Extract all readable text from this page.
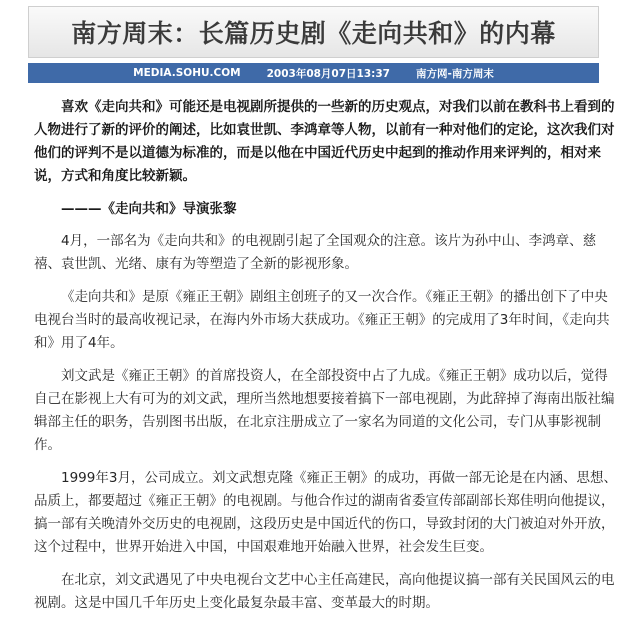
南方周末：长篇历史剧《走向共和》的内幕
MEDIA.SOHU.COM 2003年08月07日13:37 南方网-南方周末

喜欢《走向共和》可能还是电视剧所提供的一些新的历史观点，对我们以前在教科书上看到的人物进行了新的评价的阐述，比如袁世凯、李鸿章等人物，以前有一种对他们的定论，这次我们对他们的评判不是以道德为标准的，而是以他在中国近代历史中起到的推动作用来评判的，相对来说，方式和角度比较新颖。

———《走向共和》导演张黎

4月，一部名为《走向共和》的电视剧引起了全国观众的注意。该片为孙中山、李鸿章、慈禧、袁世凯、光绪、康有为等塑造了全新的影视形象。

《走向共和》是原《雍正王朝》剧组主创班子的又一次合作。《雍正王朝》的播出创下了中央电视台当时的最高收视记录，在海内外市场大获成功。《雍正王朝》的完成用了3年时间，《走向共和》用了4年。

刘文武是《雍正王朝》的首席投资人，在全部投资中占了九成。《雍正王朝》成功以后，觉得自己在影视上大有可为的刘文武，理所当然地想要接着搞下一部电视剧，为此辞掉了海南出版社编辑部主任的职务，告别图书出版，在北京注册成立了一家名为同道的文化公司，专门从事影视制作。

1999年3月，公司成立。刘文武想克隆《雍正王朝》的成功，再做一部无论是在内涵、思想、品质上，都要超过《雍正王朝》的电视剧。与他合作过的湖南省委宣传部副部长郑佳明向他提议，搞一部有关晚清外交历史的电视剧，这段历史是中国近代的伤口，导致封闭的大门被迫对外开放，这个过程中，世界开始进入中国，中国艰难地开始融入世界，社会发生巨变。

在北京，刘文武遇见了中央电视台文艺中心主任高建民，高向他提议搞一部有关民国风云的电视剧。这是中国几千年历史上变化最复杂最丰富、变革最大的时期。
